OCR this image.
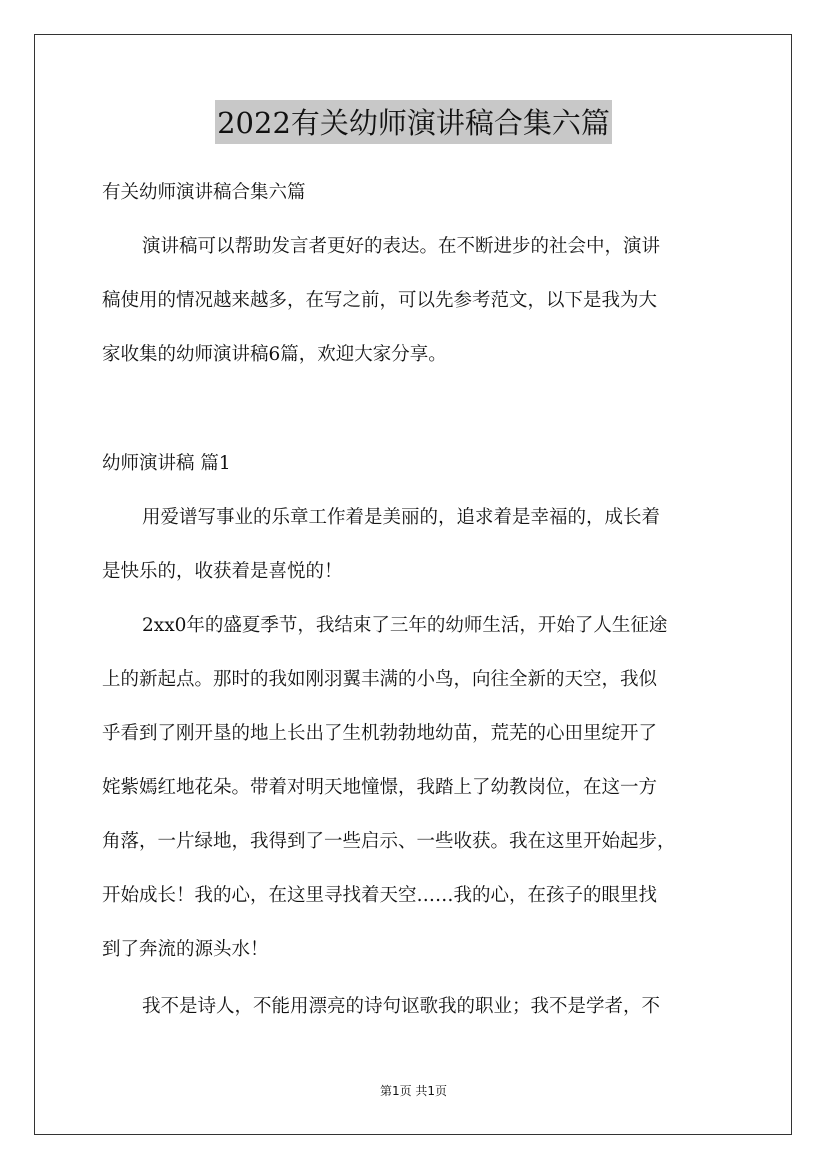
2022有关幼师演讲稿合集六篇

有关幼师演讲稿合集六篇

演讲稿可以帮助发言者更好的表达。在不断进步的社会中，演讲

稿使用的情况越来越多，在写之前，可以先参考范文，以下是我为大

家收集的幼师演讲稿6篇，欢迎大家分享。

幼师演讲稿 篇1

用爱谱写事业的乐章工作着是美丽的，追求着是幸福的，成长着

是快乐的，收获着是喜悦的！

2xx0年的盛夏季节，我结束了三年的幼师生活，开始了人生征途

上的新起点。那时的我如刚羽翼丰满的小鸟，向往全新的天空，我似

乎看到了刚开垦的地上长出了生机勃勃地幼苗，荒芜的心田里绽开了

姹紫嫣红地花朵。带着对明天地憧憬，我踏上了幼教岗位，在这一方

角落，一片绿地，我得到了一些启示、一些收获。我在这里开始起步，

开始成长！我的心，在这里寻找着天空……我的心，在孩子的眼里找

到了奔流的源头水！

我不是诗人，不能用漂亮的诗句讴歌我的职业；我不是学者，不

第1页 共1页
